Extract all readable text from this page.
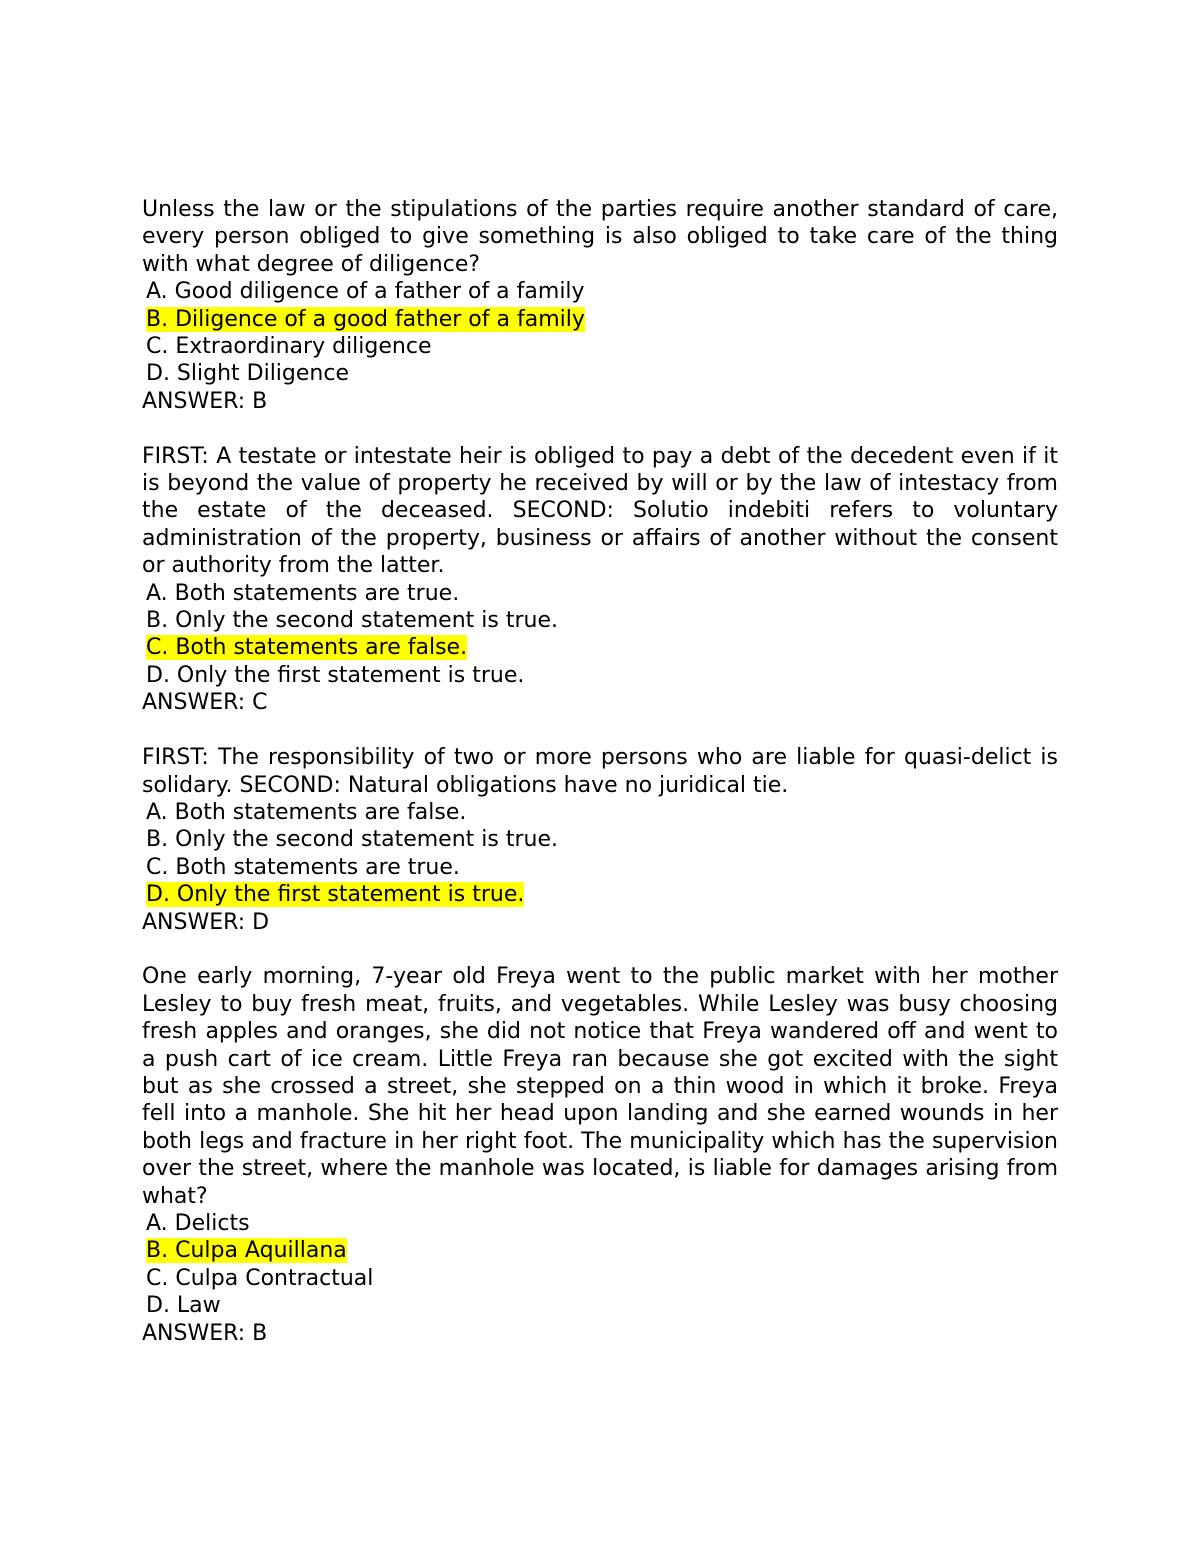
Unless the law or the stipulations of the parties require another standard of care, every person obliged to give something is also obliged to take care of the thing with what degree of diligence?

A. Good diligence of a father of a family

B. Diligence of a good father of a family

C. Extraordinary diligence

D. Slight Diligence

ANSWER: B

FIRST: A testate or intestate heir is obliged to pay a debt of the decedent even if it is beyond the value of property he received by will or by the law of intestacy from the estate of the deceased. SECOND: Solutio indebiti refers to voluntary administration of the property, business or affairs of another without the consent or authority from the latter.

A. Both statements are true.

B. Only the second statement is true.

C. Both statements are false.

D. Only the first statement is true.

ANSWER: C

FIRST: The responsibility of two or more persons who are liable for quasi-delict is solidary. SECOND: Natural obligations have no juridical tie.

A. Both statements are false.

B. Only the second statement is true.

C. Both statements are true.

D. Only the first statement is true.

ANSWER: D

One early morning, 7-year old Freya went to the public market with her mother Lesley to buy fresh meat, fruits, and vegetables. While Lesley was busy choosing fresh apples and oranges, she did not notice that Freya wandered off and went to a push cart of ice cream. Little Freya ran because she got excited with the sight but as she crossed a street, she stepped on a thin wood in which it broke. Freya fell into a manhole. She hit her head upon landing and she earned wounds in her both legs and fracture in her right foot. The municipality which has the supervision over the street, where the manhole was located, is liable for damages arising from what?

A. Delicts

B. Culpa Aquillana

C. Culpa Contractual

D. Law

ANSWER: B
